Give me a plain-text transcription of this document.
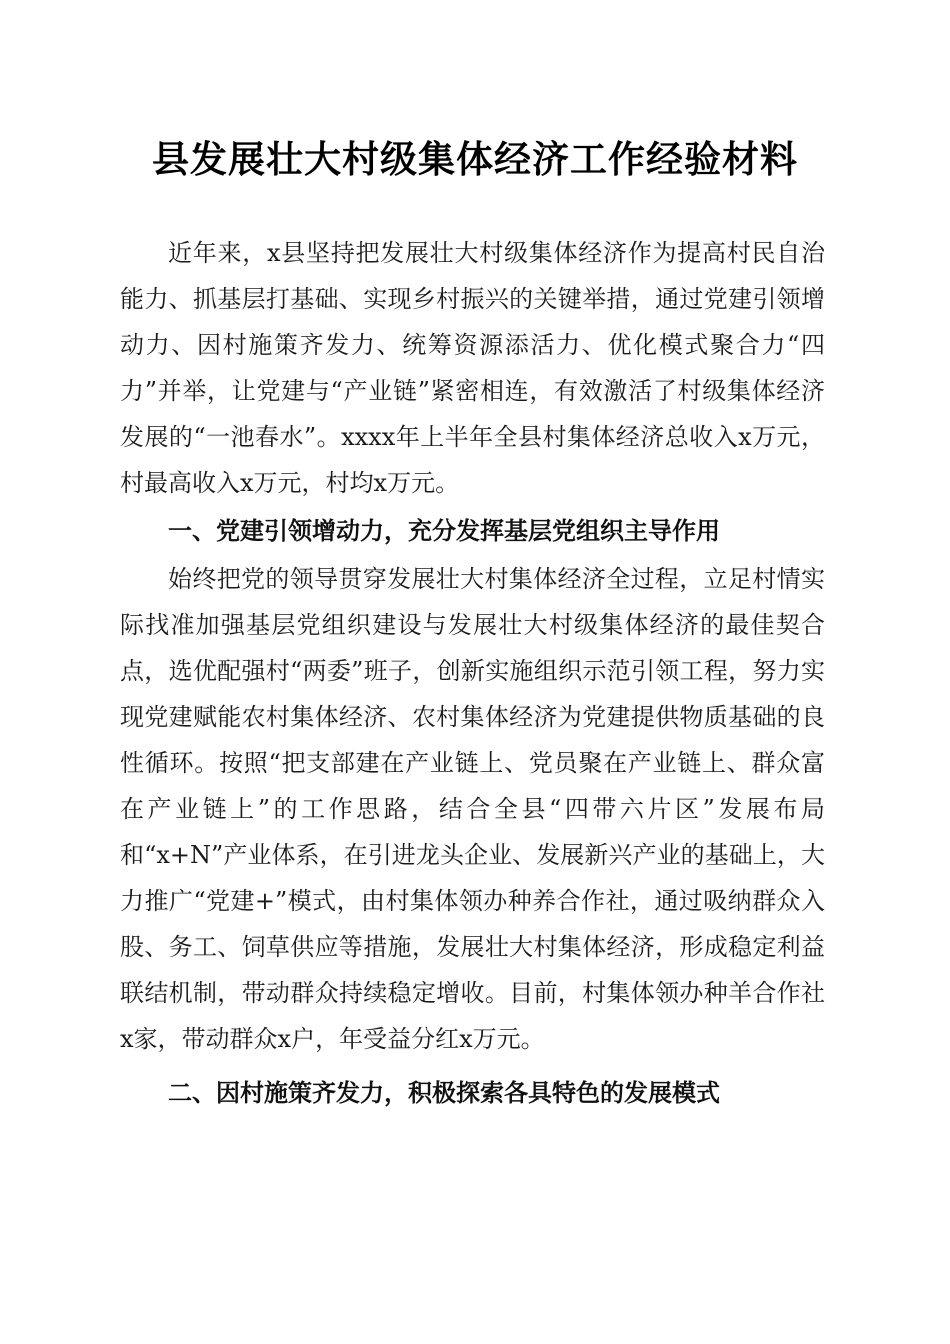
县发展壮大村级集体经济工作经验材料

近年来，x县坚持把发展壮大村级集体经济作为提高村民自治能力、抓基层打基础、实现乡村振兴的关键举措，通过党建引领增动力、因村施策齐发力、统筹资源添活力、优化模式聚合力“四力”并举，让党建与“产业链”紧密相连，有效激活了村级集体经济发展的“一池春水”。xxxx年上半年全县村集体经济总收入x万元，村最高收入x万元，村均x万元。

一、党建引领增动力，充分发挥基层党组织主导作用

始终把党的领导贯穿发展壮大村集体经济全过程，立足村情实际找准加强基层党组织建设与发展壮大村级集体经济的最佳契合点，选优配强村“两委”班子，创新实施组织示范引领工程，努力实现党建赋能农村集体经济、农村集体经济为党建提供物质基础的良性循环。按照“把支部建在产业链上、党员聚在产业链上、群众富在产业链上”的工作思路，结合全县“四带六片区”发展布局和“x+N”产业体系，在引进龙头企业、发展新兴产业的基础上，大力推广“党建+”模式，由村集体领办种养合作社，通过吸纳群众入股、务工、饲草供应等措施，发展壮大村集体经济，形成稳定利益联结机制，带动群众持续稳定增收。目前，村集体领办种羊合作社x家，带动群众x户，年受益分红x万元。

二、因村施策齐发力，积极探索各具特色的发展模式
